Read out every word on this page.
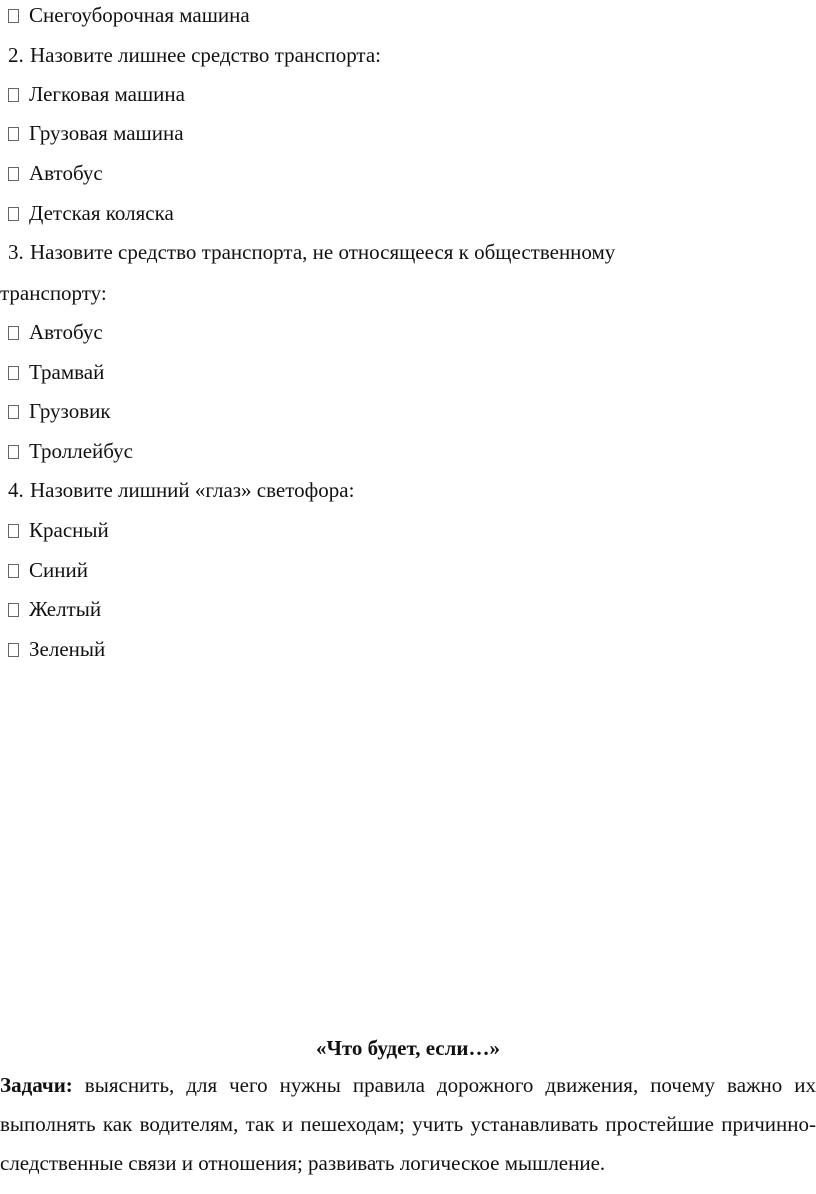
Снегоуборочная машина
2. Назовите лишнее средство транспорта:
Легковая машина
Грузовая машина
Автобус
Детская коляска
3. Назовите средство транспорта, не относящееся к общественному
транспорту:
Автобус
Трамвай
Грузовик
Троллейбус
4. Назовите лишний «глаз» светофора:
Красный
Синий
Желтый
Зеленый
«Что будет, если…»
Задачи: выяснить, для чего нужны правила дорожного движения, почему важно их выполнять как водителям, так и пешеходам; учить устанавливать простейшие причинно-следственные связи и отношения; развивать логическое мышление.
